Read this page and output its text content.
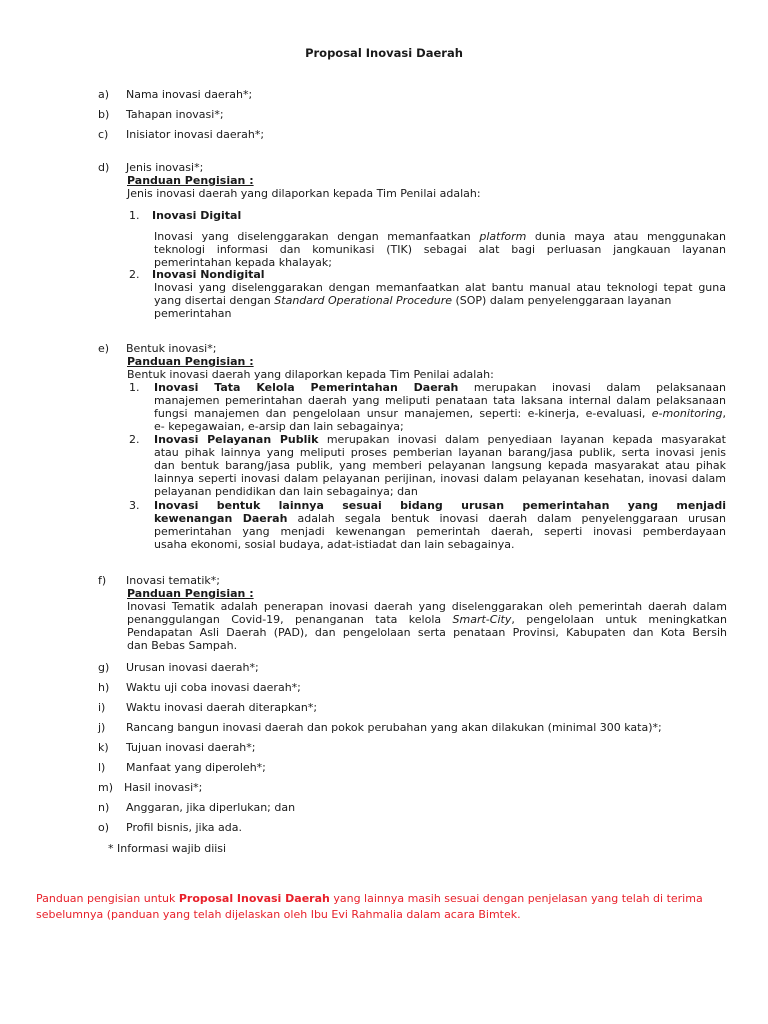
Proposal Inovasi Daerah
a) Nama inovasi daerah*;
b) Tahapan inovasi*;
c) Inisiator inovasi daerah*;
d) Jenis inovasi*;
Panduan Pengisian :
Jenis inovasi daerah yang dilaporkan kepada Tim Penilai adalah:
1. Inovasi Digital
Inovasi yang diselenggarakan dengan memanfaatkan platform dunia maya atau menggunakan
teknologi informasi dan komunikasi (TIK) sebagai alat bagi perluasan jangkauan layanan
pemerintahan kepada khalayak;
2. Inovasi Nondigital
Inovasi yang diselenggarakan dengan memanfaatkan alat bantu manual atau teknologi tepat guna
yang disertai dengan Standard Operational Procedure (SOP) dalam penyelenggaraan layanan
pemerintahan
e) Bentuk inovasi*;
Panduan Pengisian :
Bentuk inovasi daerah yang dilaporkan kepada Tim Penilai adalah:
1. Inovasi Tata Kelola Pemerintahan Daerah merupakan inovasi dalam pelaksanaan
manajemen pemerintahan daerah yang meliputi penataan tata laksana internal dalam pelaksanaan
fungsi manajemen dan pengelolaan unsur manajemen, seperti: e-kinerja, e-evaluasi, e-monitoring,
e- kepegawaian, e-arsip dan lain sebagainya;
2. Inovasi Pelayanan Publik merupakan inovasi dalam penyediaan layanan kepada masyarakat
atau pihak lainnya yang meliputi proses pemberian layanan barang/jasa publik, serta inovasi jenis
dan bentuk barang/jasa publik, yang memberi pelayanan langsung kepada masyarakat atau pihak
lainnya seperti inovasi dalam pelayanan perijinan, inovasi dalam pelayanan kesehatan, inovasi dalam
pelayanan pendidikan dan lain sebagainya; dan
3. Inovasi bentuk lainnya sesuai bidang urusan pemerintahan yang menjadi
kewenangan Daerah adalah segala bentuk inovasi daerah dalam penyelenggaraan urusan
pemerintahan yang menjadi kewenangan pemerintah daerah, seperti inovasi pemberdayaan
usaha ekonomi, sosial budaya, adat-istiadat dan lain sebagainya.
f) Inovasi tematik*;
Panduan Pengisian :
Inovasi Tematik adalah penerapan inovasi daerah yang diselenggarakan oleh pemerintah daerah dalam
penanggulangan Covid-19, penanganan tata kelola Smart-City, pengelolaan untuk meningkatkan
Pendapatan Asli Daerah (PAD), dan pengelolaan serta penataan Provinsi, Kabupaten dan Kota Bersih
dan Bebas Sampah.
g) Urusan inovasi daerah*;
h) Waktu uji coba inovasi daerah*;
i) Waktu inovasi daerah diterapkan*;
j) Rancang bangun inovasi daerah dan pokok perubahan yang akan dilakukan (minimal 300 kata)*;
k) Tujuan inovasi daerah*;
l) Manfaat yang diperoleh*;
m) Hasil inovasi*;
n) Anggaran, jika diperlukan; dan
o) Profil bisnis, jika ada.
* Informasi wajib diisi
Panduan pengisian untuk Proposal Inovasi Daerah yang lainnya masih sesuai dengan penjelasan yang telah di terima
sebelumnya (panduan yang telah dijelaskan oleh Ibu Evi Rahmalia dalam acara Bimtek.
